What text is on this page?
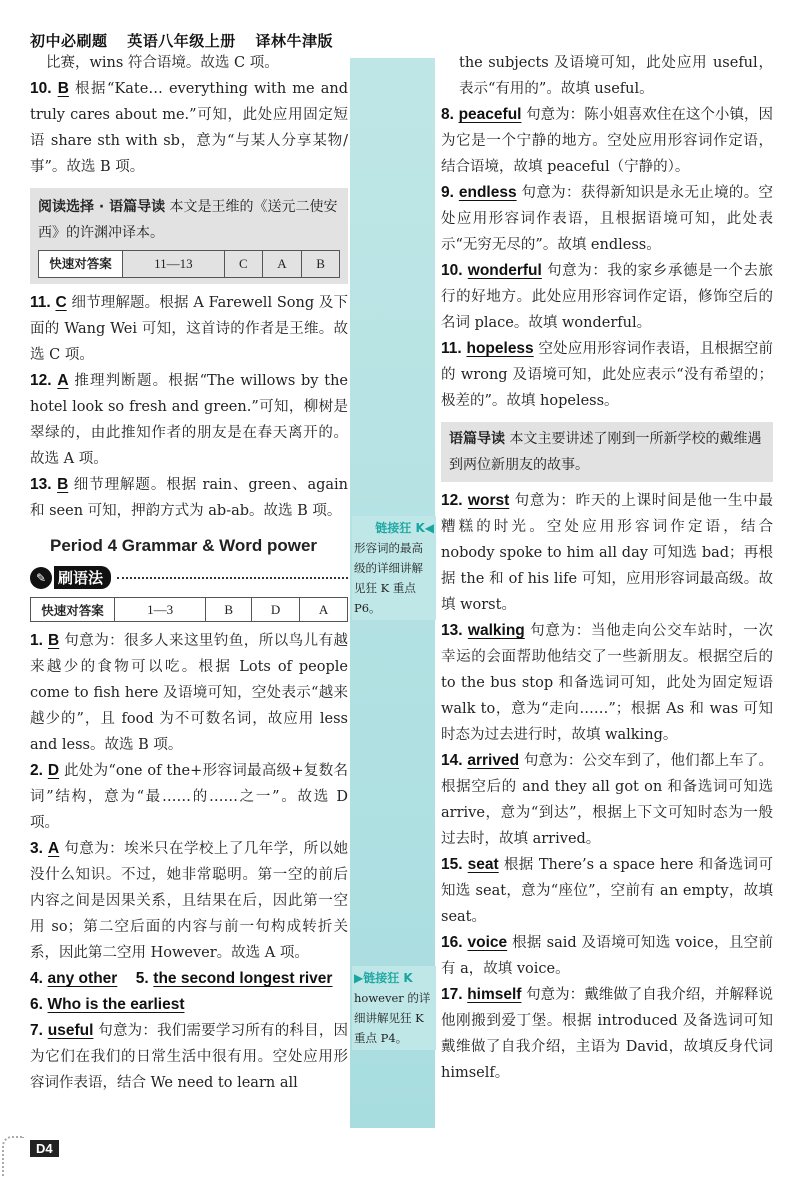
初中必刷题 英语八年级上册 译林牛津版
链接狂 K◀
形容词的最高级的详细讲解见狂 K 重点 P6。
▶链接狂 K
however 的详细讲解见狂 K 重点 P4。

比赛，wins 符合语境。故选 C 项。

10. B 根据“Kate… everything with me and truly cares about me.”可知，此处应用固定短语 share sth with sb，意为“与某人分享某物/事”。故选 B 项。
阅读选择 · 语篇导读 本文是王维的《送元二使安西》的许渊冲译本。
快速对答案	11—13	C	A	B
11. C 细节理解题。根据 A Farewell Song 及下面的 Wang Wei 可知，这首诗的作者是王维。故选 C 项。
12. A 推理判断题。根据“The willows by the hotel look so fresh and green.”可知，柳树是翠绿的，由此推知作者的朋友是在春天离开的。故选 A 项。
13. B 细节理解题。根据 rain、green、again 和 seen 可知，押韵方式为 ab-ab。故选 B 项。
Period 4 Grammar & Word power
✎ 刷语法
快速对答案	1—3	B	D	A
1. B 句意为：很多人来这里钓鱼，所以鸟儿有越来越少的食物可以吃。根据 Lots of people come to fish here 及语境可知，空处表示“越来越少的”，且 food 为不可数名词，故应用 less and less。故选 B 项。
2. D 此处为“one of the+形容词最高级+复数名词”结构，意为“最……的……之一”。故选 D 项。
3. A 句意为：埃米只在学校上了几年学，所以她没什么知识。不过，她非常聪明。第一空的前后内容之间是因果关系，且结果在后，因此第一空用 so；第二空后面的内容与前一句构成转折关系，因此第二空用 However。故选 A 项。
4. any other 5. the second longest river
6. Who is the earliest
7. useful 句意为：我们需要学习所有的科目，因为它们在我们的日常生活中很有用。空处应用形容词作表语，结合 We need to learn all

the subjects 及语境可知，此处应用 useful，表示“有用的”。故填 useful。

8. peaceful 句意为：陈小姐喜欢住在这个小镇，因为它是一个宁静的地方。空处应用形容词作定语，结合语境，故填 peaceful（宁静的）。
9. endless 句意为：获得新知识是永无止境的。空处应用形容词作表语，且根据语境可知，此处表示“无穷无尽的”。故填 endless。
10. wonderful 句意为：我的家乡承德是一个去旅行的好地方。此处应用形容词作定语，修饰空后的名词 place。故填 wonderful。
11. hopeless 空处应用形容词作表语，且根据空前的 wrong 及语境可知，此处应表示“没有希望的；极差的”。故填 hopeless。
语篇导读 本文主要讲述了刚到一所新学校的戴维遇到两位新朋友的故事。
12. worst 句意为：昨天的上课时间是他一生中最糟糕的时光。空处应用形容词作定语，结合 nobody spoke to him all day 可知选 bad；再根据 the 和 of his life 可知，应用形容词最高级。故填 worst。
13. walking 句意为：当他走向公交车站时，一次幸运的会面帮助他结交了一些新朋友。根据空后的 to the bus stop 和备选词可知，此处为固定短语 walk to，意为“走向……”；根据 As 和 was 可知时态为过去进行时，故填 walking。
14. arrived 句意为：公交车到了，他们都上车了。根据空后的 and they all got on 和备选词可知选 arrive，意为“到达”，根据上下文可知时态为一般过去时，故填 arrived。
15. seat 根据 There’s a space here 和备选词可知选 seat，意为“座位”，空前有 an empty，故填 seat。
16. voice 根据 said 及语境可知选 voice，且空前有 a，故填 voice。
17. himself 句意为：戴维做了自我介绍，并解释说他刚搬到爱丁堡。根据 introduced 及备选词可知戴维做了自我介绍，主语为 David，故填反身代词 himself。
D4
